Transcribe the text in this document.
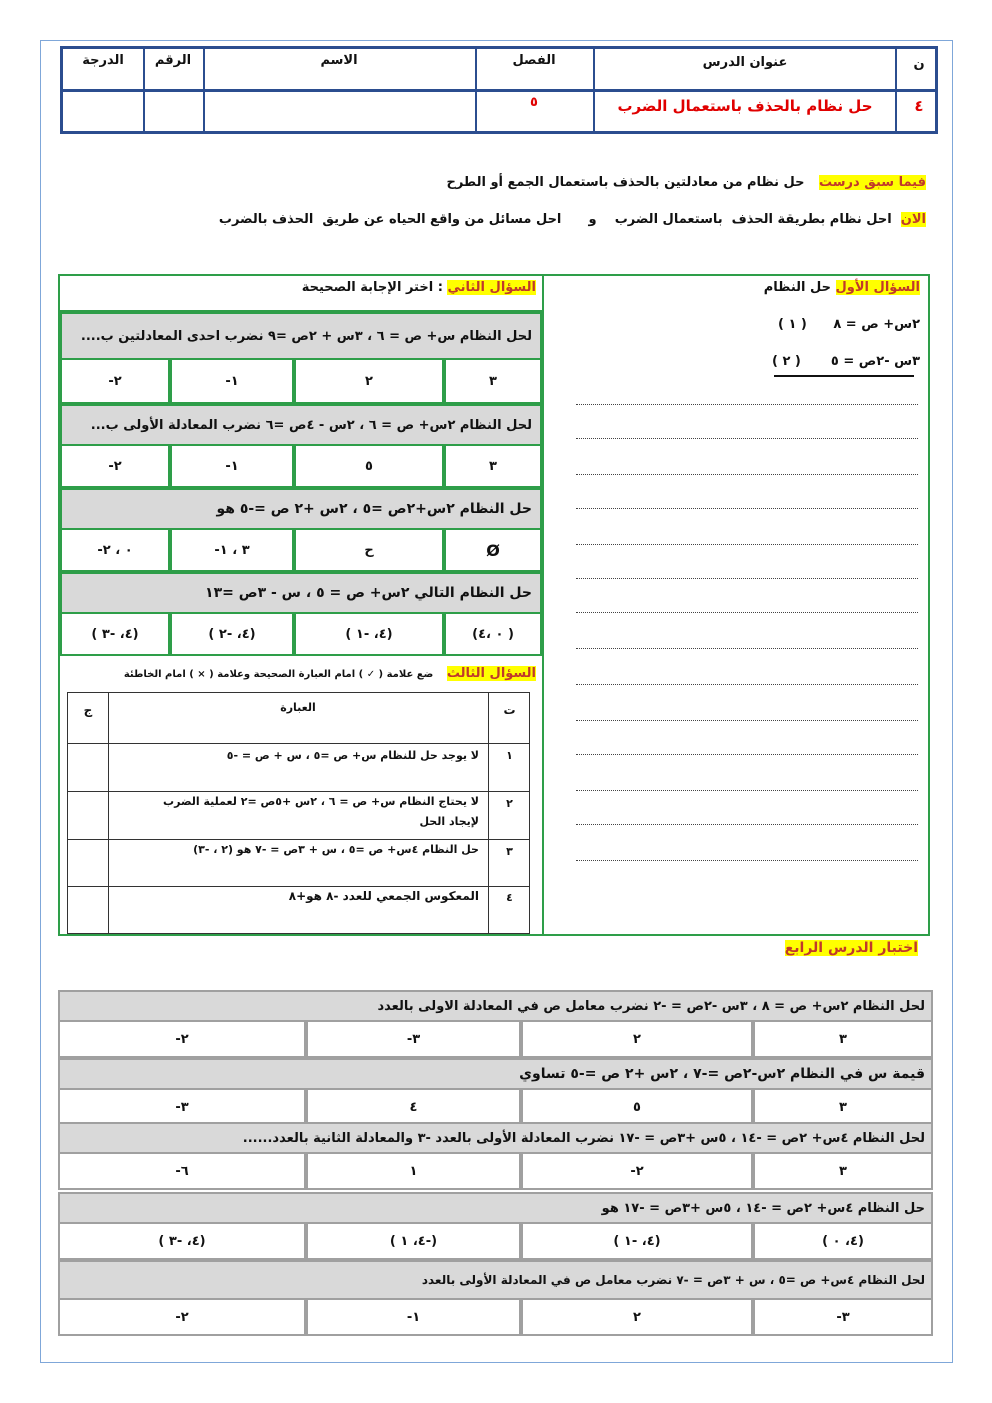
ن
عنوان الدرس
الفصل
الاسم
الرقم
الدرجة
٤
حل نظام بالحذف باستعمال الضرب
٥
فيما سبق درست حل نظام من معادلتين بالحذف باستعمال الجمع أو الطرح
الان  احل نظام بطريقة الحذف  باستعمال الضرب    و      احل مسائل من واقع الحياه عن طريق  الحذف بالضرب
السؤال الأول حل النظام
٢س+ ص = ٨
( ١ )
٣س -٢ص = ٥
( ٢ )
السؤال الثاني : اختر الإجابة الصحيحة
لحل النظام س+ ص = ٦ ، ٣س + ٢ص =٩ نضرب احدى المعادلتين ب....
٣
٢
١-
٢-
لحل النظام ٢س+ ص = ٦ ، ٢س - ٤ص =٦ نضرب المعادلة الأولى ب...
٣
٥
١-
٢-
حل النظام ٢س+٢ص =٥ ، ٢س +٢ ص =-٥ هو
Ø
ح
٣ ، ١-
٠ ، ٢-
حل النظام التالي ٢س+ ص = ٥ ، س - ٣ص =١٣
( ٠ ،٤)
(٤، -١ )
(٤، -٢ )
(٤، -٣ )
السؤال الثالث ضع علامة ( ✓ ) امام العبارة الصحيحة وعلامة ( × ) امام الخاطئة
ت
العبارة
ج
١
لا يوجد حل للنظام س+ ص =٥ ، س + ص = -٥
٢
لا يحتاج النظام س+ ص = ٦ ، ٢س +٥ص =٢ لعملية الضرب
لإيجاد الحل
٣
حل النظام ٤س+ ص =٥ ، س + ٣ص = -٧ هو (٢ ، -٣)
٤
المعكوس الجمعي للعدد -٨ هو+٨
اختبار الدرس الرابع
لحل النظام ٢س+ ص = ٨ ، ٣س -٢ص = -٢ نضرب معامل ص في المعادلة الاولى بالعدد
٣
٢
٣-
٢-
قيمة س في النظام ٢س-٢ص =-٧ ، ٢س +٢ ص =-٥ تساوي
٣
٥
٤
٣-
لحل النظام ٤س+ ٢ص = -١٤ ، ٥س +٣ص = -١٧ نضرب المعادلة الأولى بالعدد -٣ والمعادلة الثانية بالعدد......
٣
٢-
١
٦-
حل النظام ٤س+ ٢ص = -١٤ ، ٥س +٣ص = -١٧ هو
(٤، ٠ )
(٤، -١ )
(-٤، ١ )
(٤، -٣ )
لحل النظام ٤س+ ص =٥ ، س + ٣ص = -٧ نضرب معامل ص في المعادلة الأولى بالعدد
٣-
٢
١-
٢-
